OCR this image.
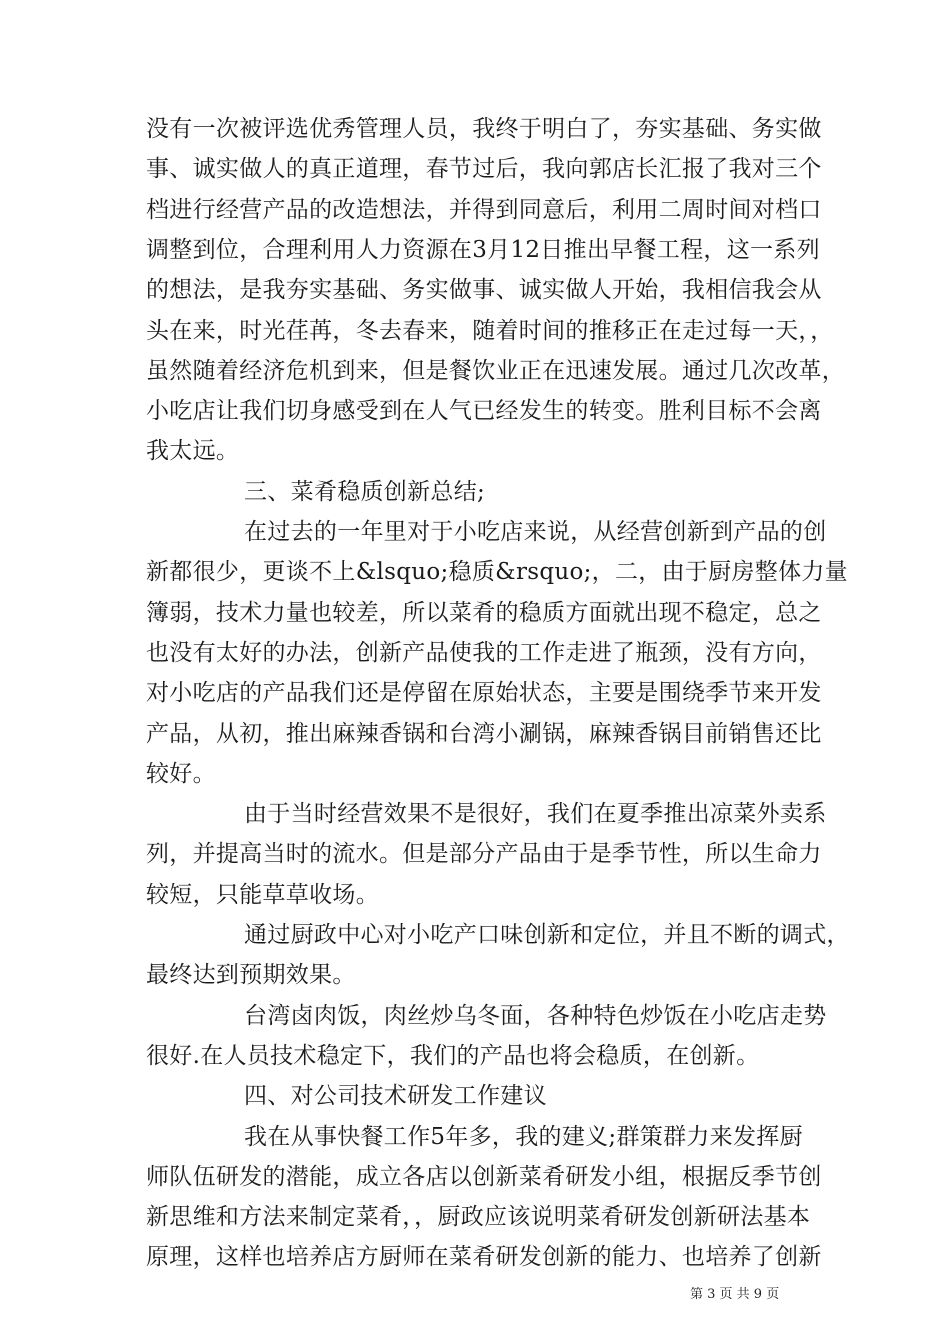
没有一次被评选优秀管理人员，我终于明白了，夯实基础、务实做
事、诚实做人的真正道理，春节过后，我向郭店长汇报了我对三个
档进行经营产品的改造想法，并得到同意后，利用二周时间对档口
调整到位，合理利用人力资源在3月12日推出早餐工程，这一系列
的想法，是我夯实基础、务实做事、诚实做人开始，我相信我会从
头在来，时光荏苒，冬去春来，随着时间的推移正在走过每一天，，
虽然随着经济危机到来，但是餐饮业正在迅速发展。通过几次改革，
小吃店让我们切身感受到在人气已经发生的转变。胜利目标不会离
我太远。
三、菜肴稳质创新总结;
在过去的一年里对于小吃店来说，从经营创新到产品的创
新都很少，更谈不上&lsquo;稳质&rsquo;，二，由于厨房整体力量
簿弱，技术力量也较差，所以菜肴的稳质方面就出现不稳定，总之
也没有太好的办法，创新产品使我的工作走进了瓶颈，没有方向，
对小吃店的产品我们还是停留在原始状态，主要是围绕季节来开发
产品，从初，推出麻辣香锅和台湾小涮锅，麻辣香锅目前销售还比
较好。
由于当时经营效果不是很好，我们在夏季推出凉菜外卖系
列，并提高当时的流水。但是部分产品由于是季节性，所以生命力
较短，只能草草收场。
通过厨政中心对小吃产口味创新和定位，并且不断的调式，
最终达到预期效果。
台湾卤肉饭，肉丝炒乌冬面，各种特色炒饭在小吃店走势
很好.在人员技术稳定下，我们的产品也将会稳质，在创新。
四、对公司技术研发工作建议
我在从事快餐工作5年多，我的建义;群策群力来发挥厨
师队伍研发的潜能，成立各店以创新菜肴研发小组，根据反季节创
新思维和方法来制定菜肴，，厨政应该说明菜肴研发创新研法基本
原理，这样也培养店方厨师在菜肴研发创新的能力、也培养了创新
第 3 页 共 9 页
